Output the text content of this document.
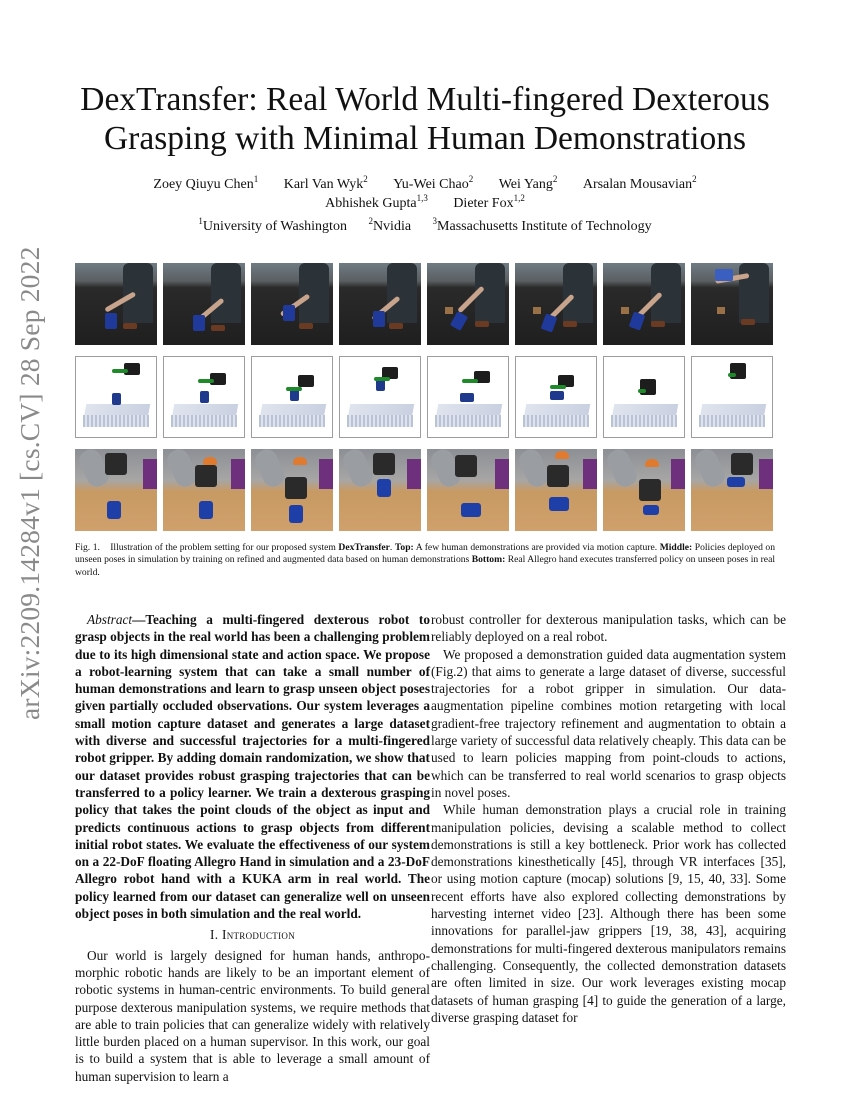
arXiv:2209.14284v1 [cs.CV] 28 Sep 2022
DexTransfer: Real World Multi-fingered Dexterous
Grasping with Minimal Human Demonstrations
Zoey Qiuyu Chen$^1$ Karl Van Wyk$^2$ Yu-Wei Chao$^2$ Wei Yang$^2$ Arsalan Mousavian$^2$
Abhishek Gupta$^{1,3}$ Dieter Fox$^{1,2}$
$^1$University of Washington $^2$Nvidia $^3$Massachusetts Institute of Technology
Fig. 1. Illustration of the problem setting for our proposed system DexTransfer. Top: A few human demonstrations are provided via motion capture. Middle: Policies deployed on unseen poses in simulation by training on refined and augmented data based on human demonstrations Bottom: Real Allegro hand executes transferred policy on unseen poses in real world.

Abstract—Teaching a multi-fingered dexterous robot to grasp objects in the real world has been a challenging problem due to its high dimensional state and action space. We propose a robot-learning system that can take a small number of human demonstrations and learn to grasp unseen object poses given partially occluded observations. Our system leverages a small motion capture dataset and generates a large dataset with diverse and successful trajectories for a multi-fingered robot gripper. By adding domain randomization, we show that our dataset provides robust grasping trajectories that can be transferred to a policy learner. We train a dexterous grasping policy that takes the point clouds of the object as input and predicts continuous actions to grasp objects from different initial robot states. We evaluate the effectiveness of our system on a 22-DoF floating Allegro Hand in simulation and a 23-DoF Allegro robot hand with a KUKA arm in real world. The policy learned from our dataset can generalize well on unseen object poses in both simulation and the real world.

I. Introduction

Our world is largely designed for human hands, anthropomorphic robotic hands are likely to be an important element of robotic systems in human-centric environments. To build general purpose dexterous manipulation systems, we require methods that are able to train policies that can generalize widely with relatively little burden placed on a human supervisor. In this work, our goal is to build a system that is able to leverage a small amount of human supervision to learn a

robust controller for dexterous manipulation tasks, which can be reliably deployed on a real robot.

We proposed a demonstration guided data augmentation system (Fig.2) that aims to generate a large dataset of diverse, successful trajectories for a robot gripper in simulation. Our data-augmentation pipeline combines motion retargeting with local gradient-free trajectory refinement and augmentation to obtain a large variety of successful data relatively cheaply. This data can be used to learn policies mapping from point-clouds to actions, which can be transferred to real world scenarios to grasp objects in novel poses.

While human demonstration plays a crucial role in training manipulation policies, devising a scalable method to collect demonstrations is still a key bottleneck. Prior work has collected demonstrations kinesthetically [45], through VR interfaces [35], or using motion capture (mocap) solutions [9, 15, 40, 33]. Some recent efforts have also explored collecting demonstrations by harvesting internet video [23]. Although there has been some innovations for parallel-jaw grippers [19, 38, 43], acquiring demonstrations for multi-fingered dexterous manipulators remains challenging. Consequently, the collected demonstration datasets are often limited in size. Our work leverages existing mocap datasets of human grasping [4] to guide the generation of a large, diverse grasping dataset for
